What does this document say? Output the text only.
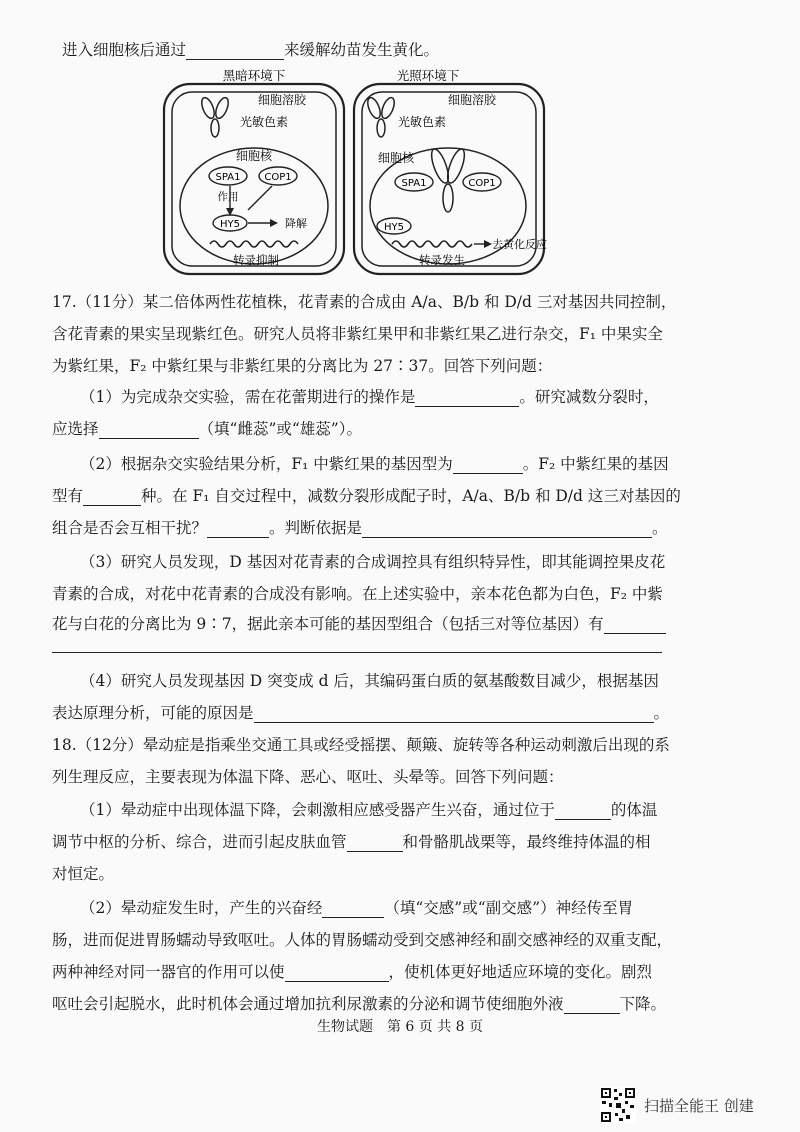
进入细胞核后通过	来缓解幼苗发生黄化。
黑暗环境下
细胞溶胶
光敏色素
细胞核
SPA1 COP1
作用
HY5	降解
转录抑制
光照环境下
细胞溶胶
光敏色素
细胞核
SPA1	COP1
HY5
去黄化反应
转录发生
17.（11分）某二倍体两性花植株，花青素的合成由 A/a、B/b 和 D/d 三对基因共同控制，
含花青素的果实呈现紫红色。研究人员将非紫红果甲和非紫红果乙进行杂交，F₁ 中果实全
为紫红果，F₂ 中紫红果与非紫红果的分离比为 27∶37。回答下列问题：
（1）为完成杂交实验，需在花蕾期进行的操作是	。研究减数分裂时，
应选择	（填“雌蕊”或“雄蕊”）。
（2）根据杂交实验结果分析，F₁ 中紫红果的基因型为	。F₂ 中紫红果的基因
型有	种。在 F₁ 自交过程中，减数分裂形成配子时，A/a、B/b 和 D/d 这三对基因的
组合是否会互相干扰？	。判断依据是	。
（3）研究人员发现，D 基因对花青素的合成调控具有组织特异性，即其能调控果皮花
青素的合成，对花中花青素的合成没有影响。在上述实验中，亲本花色都为白色，F₂ 中紫
花与白花的分离比为 9∶7，据此亲本可能的基因型组合（包括三对等位基因）有
（4）研究人员发现基因 D 突变成 d 后，其编码蛋白质的氨基酸数目减少，根据基因
表达原理分析，可能的原因是	。
18.（12分）晕动症是指乘坐交通工具或经受摇摆、颠簸、旋转等各种运动刺激后出现的系
列生理反应，主要表现为体温下降、恶心、呕吐、头晕等。回答下列问题：
（1）晕动症中出现体温下降，会刺激相应感受器产生兴奋，通过位于	的体温
调节中枢的分析、综合，进而引起皮肤血管	和骨骼肌战栗等，最终维持体温的相
对恒定。
（2）晕动症发生时，产生的兴奋经	（填“交感”或“副交感”）神经传至胃
肠，进而促进胃肠蠕动导致呕吐。人体的胃肠蠕动受到交感神经和副交感神经的双重支配，
两种神经对同一器官的作用可以使	，使机体更好地适应环境的变化。剧烈
呕吐会引起脱水，此时机体会通过增加抗利尿激素的分泌和调节使细胞外液	下降。
生物试题　第 6 页 共 8 页
扫描全能王 创建
